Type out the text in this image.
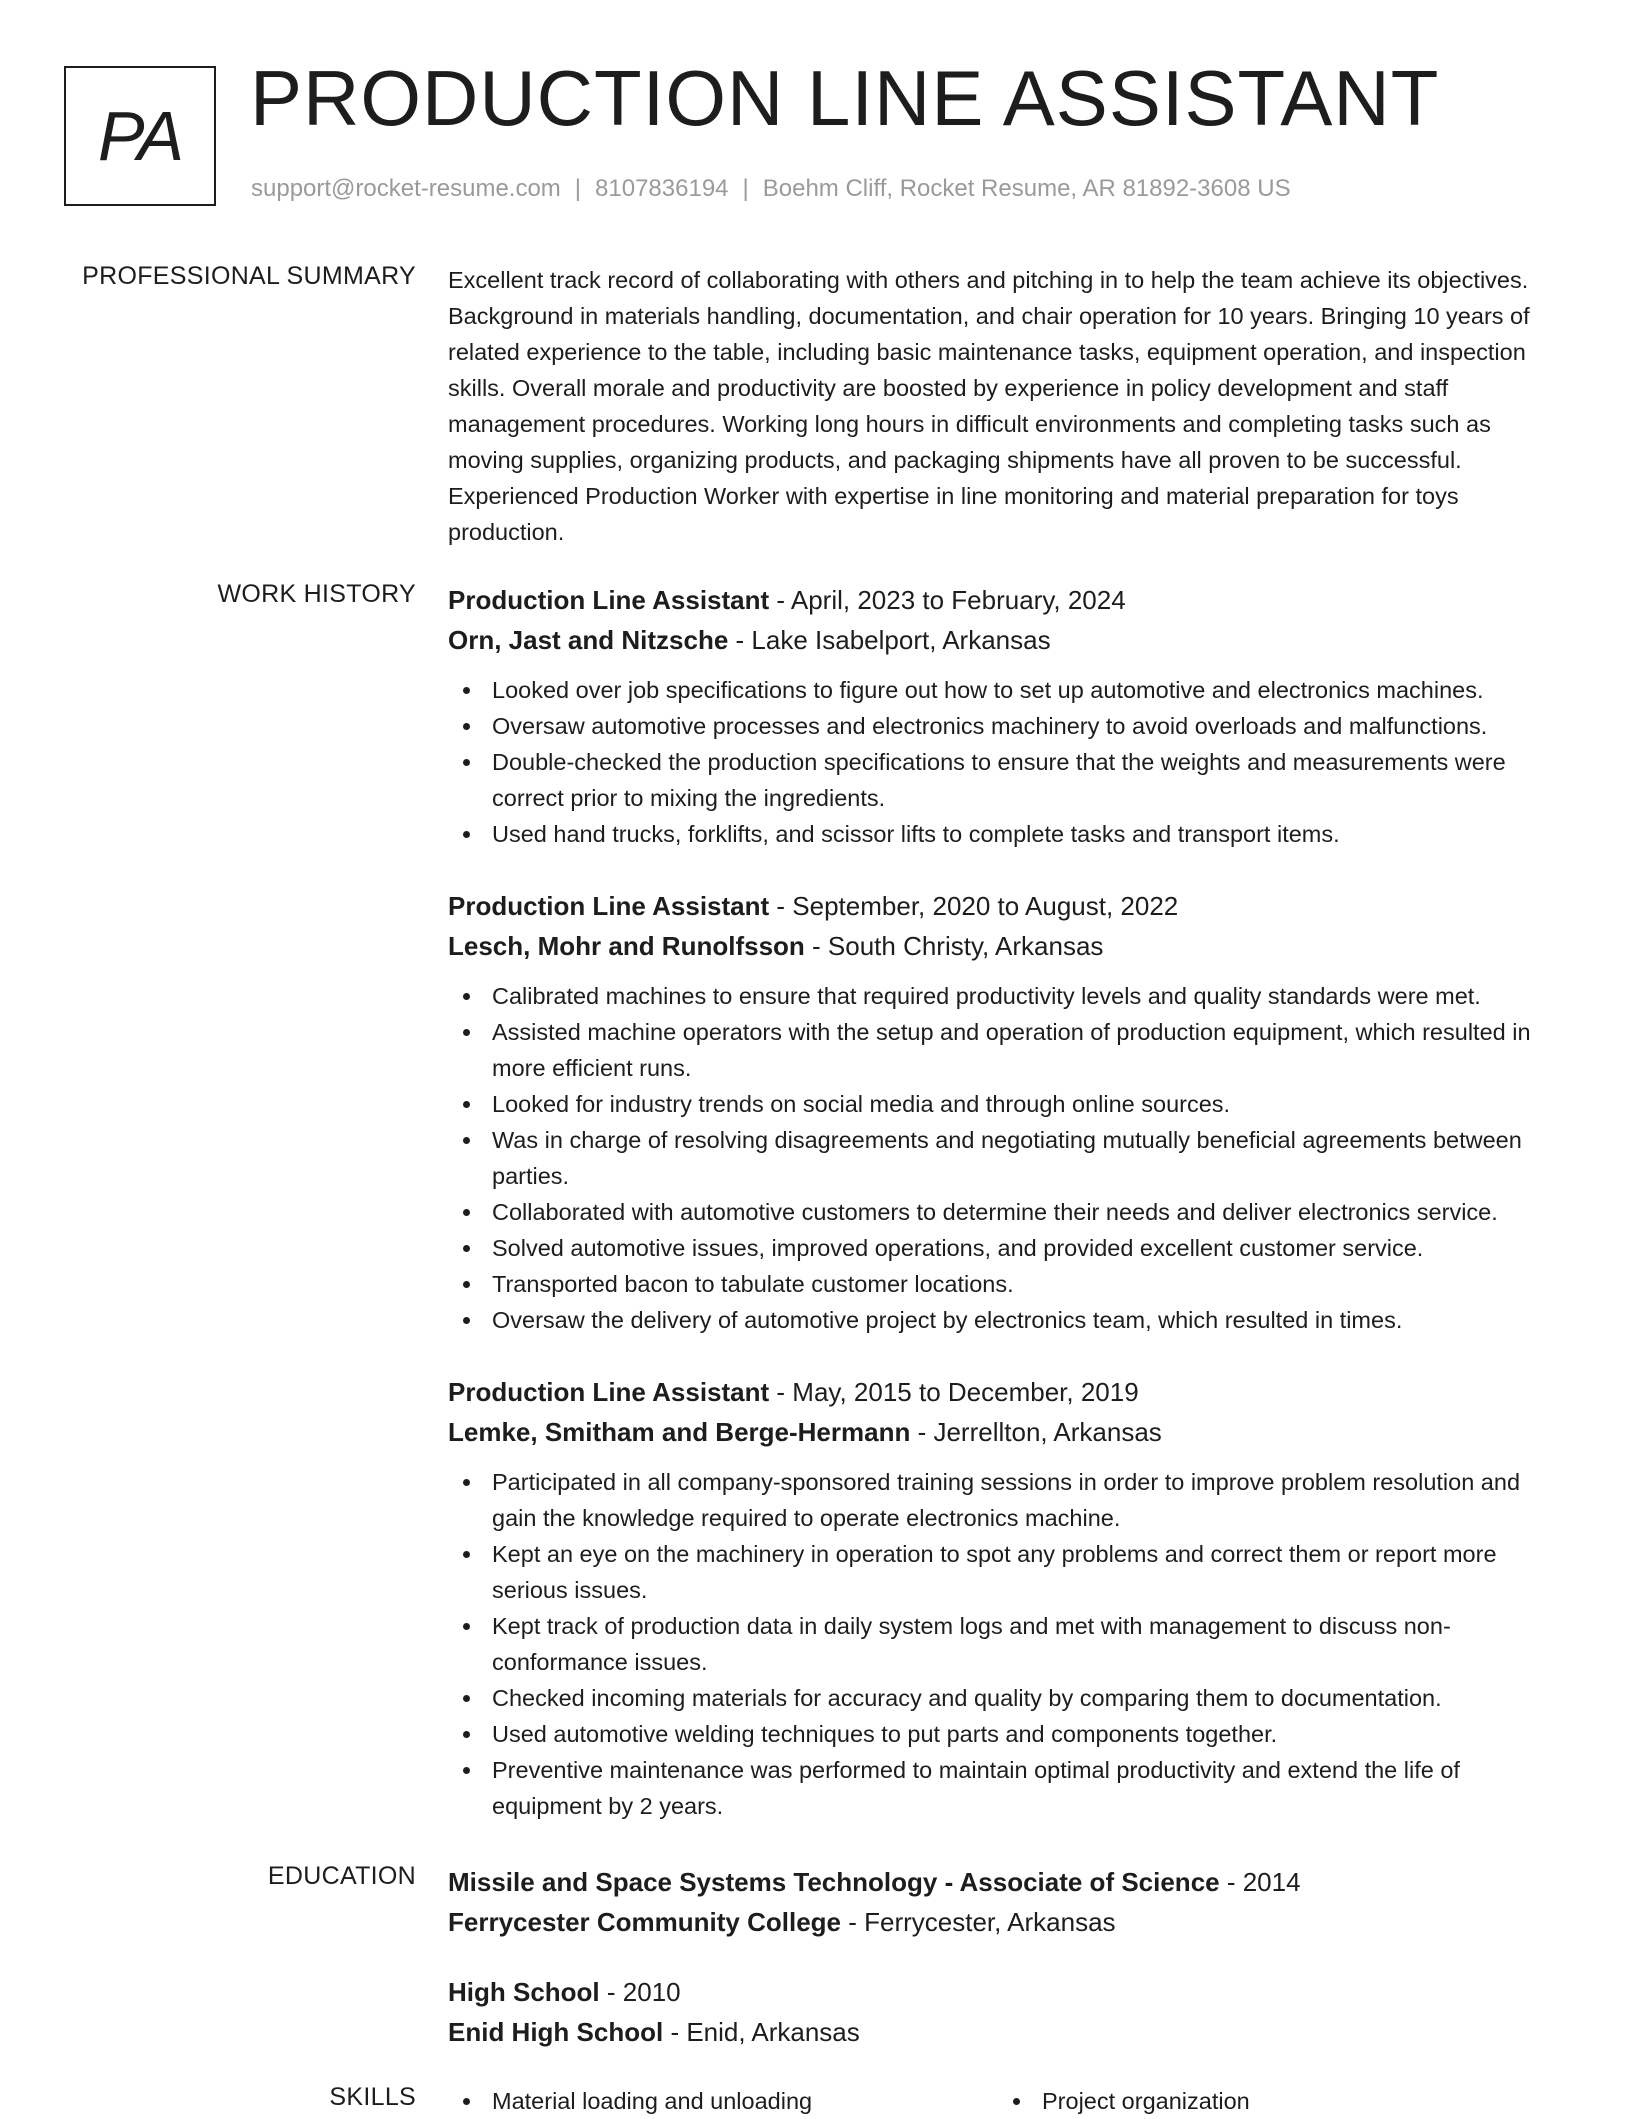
PA PRODUCTION LINE ASSISTANT
support@rocket-resume.com | 8107836194 | Boehm Cliff, Rocket Resume, AR 81892-3608 US
PROFESSIONAL SUMMARY Excellent track record of collaborating with others and pitching in to help the team achieve its objectives. Background in materials handling, documentation, and chair operation for 10 years. Bringing 10 years of related experience to the table, including basic maintenance tasks, equipment operation, and inspection skills. Overall morale and productivity are boosted by experience in policy development and staff management procedures. Working long hours in difficult environments and completing tasks such as moving supplies, organizing products, and packaging shipments have all proven to be successful. Experienced Production Worker with expertise in line monitoring and material preparation for toys production.

WORK HISTORY Production Line Assistant - April, 2023 to February, 2024
Orn, Jast and Nitzsche - Lake Isabelport, Arkansas
Looked over job specifications to figure out how to set up automotive and electronics machines.
Oversaw automotive processes and electronics machinery to avoid overloads and malfunctions.
Double-checked the production specifications to ensure that the weights and measurements were correct prior to mixing the ingredients.
Used hand trucks, forklifts, and scissor lifts to complete tasks and transport items.
Production Line Assistant - September, 2020 to August, 2022
Lesch, Mohr and Runolfsson - South Christy, Arkansas
Calibrated machines to ensure that required productivity levels and quality standards were met.
Assisted machine operators with the setup and operation of production equipment, which resulted in more efficient runs.
Looked for industry trends on social media and through online sources.
Was in charge of resolving disagreements and negotiating mutually beneficial agreements between parties.
Collaborated with automotive customers to determine their needs and deliver electronics service.
Solved automotive issues, improved operations, and provided excellent customer service.
Transported bacon to tabulate customer locations.
Oversaw the delivery of automotive project by electronics team, which resulted in times.
Production Line Assistant - May, 2015 to December, 2019
Lemke, Smitham and Berge-Hermann - Jerrellton, Arkansas
Participated in all company-sponsored training sessions in order to improve problem resolution and gain the knowledge required to operate electronics machine.
Kept an eye on the machinery in operation to spot any problems and correct them or report more serious issues.
Kept track of production data in daily system logs and met with management to discuss non-conformance issues.
Checked incoming materials for accuracy and quality by comparing them to documentation.
Used automotive welding techniques to put parts and components together.
Preventive maintenance was performed to maintain optimal productivity and extend the life of equipment by 2 years.
EDUCATION Missile and Space Systems Technology - Associate of Science - 2014
Ferrycester Community College - Ferrycester, Arkansas
High School - 2010
Enid High School - Enid, Arkansas
SKILLS	Material loading and unloading	Project organization
